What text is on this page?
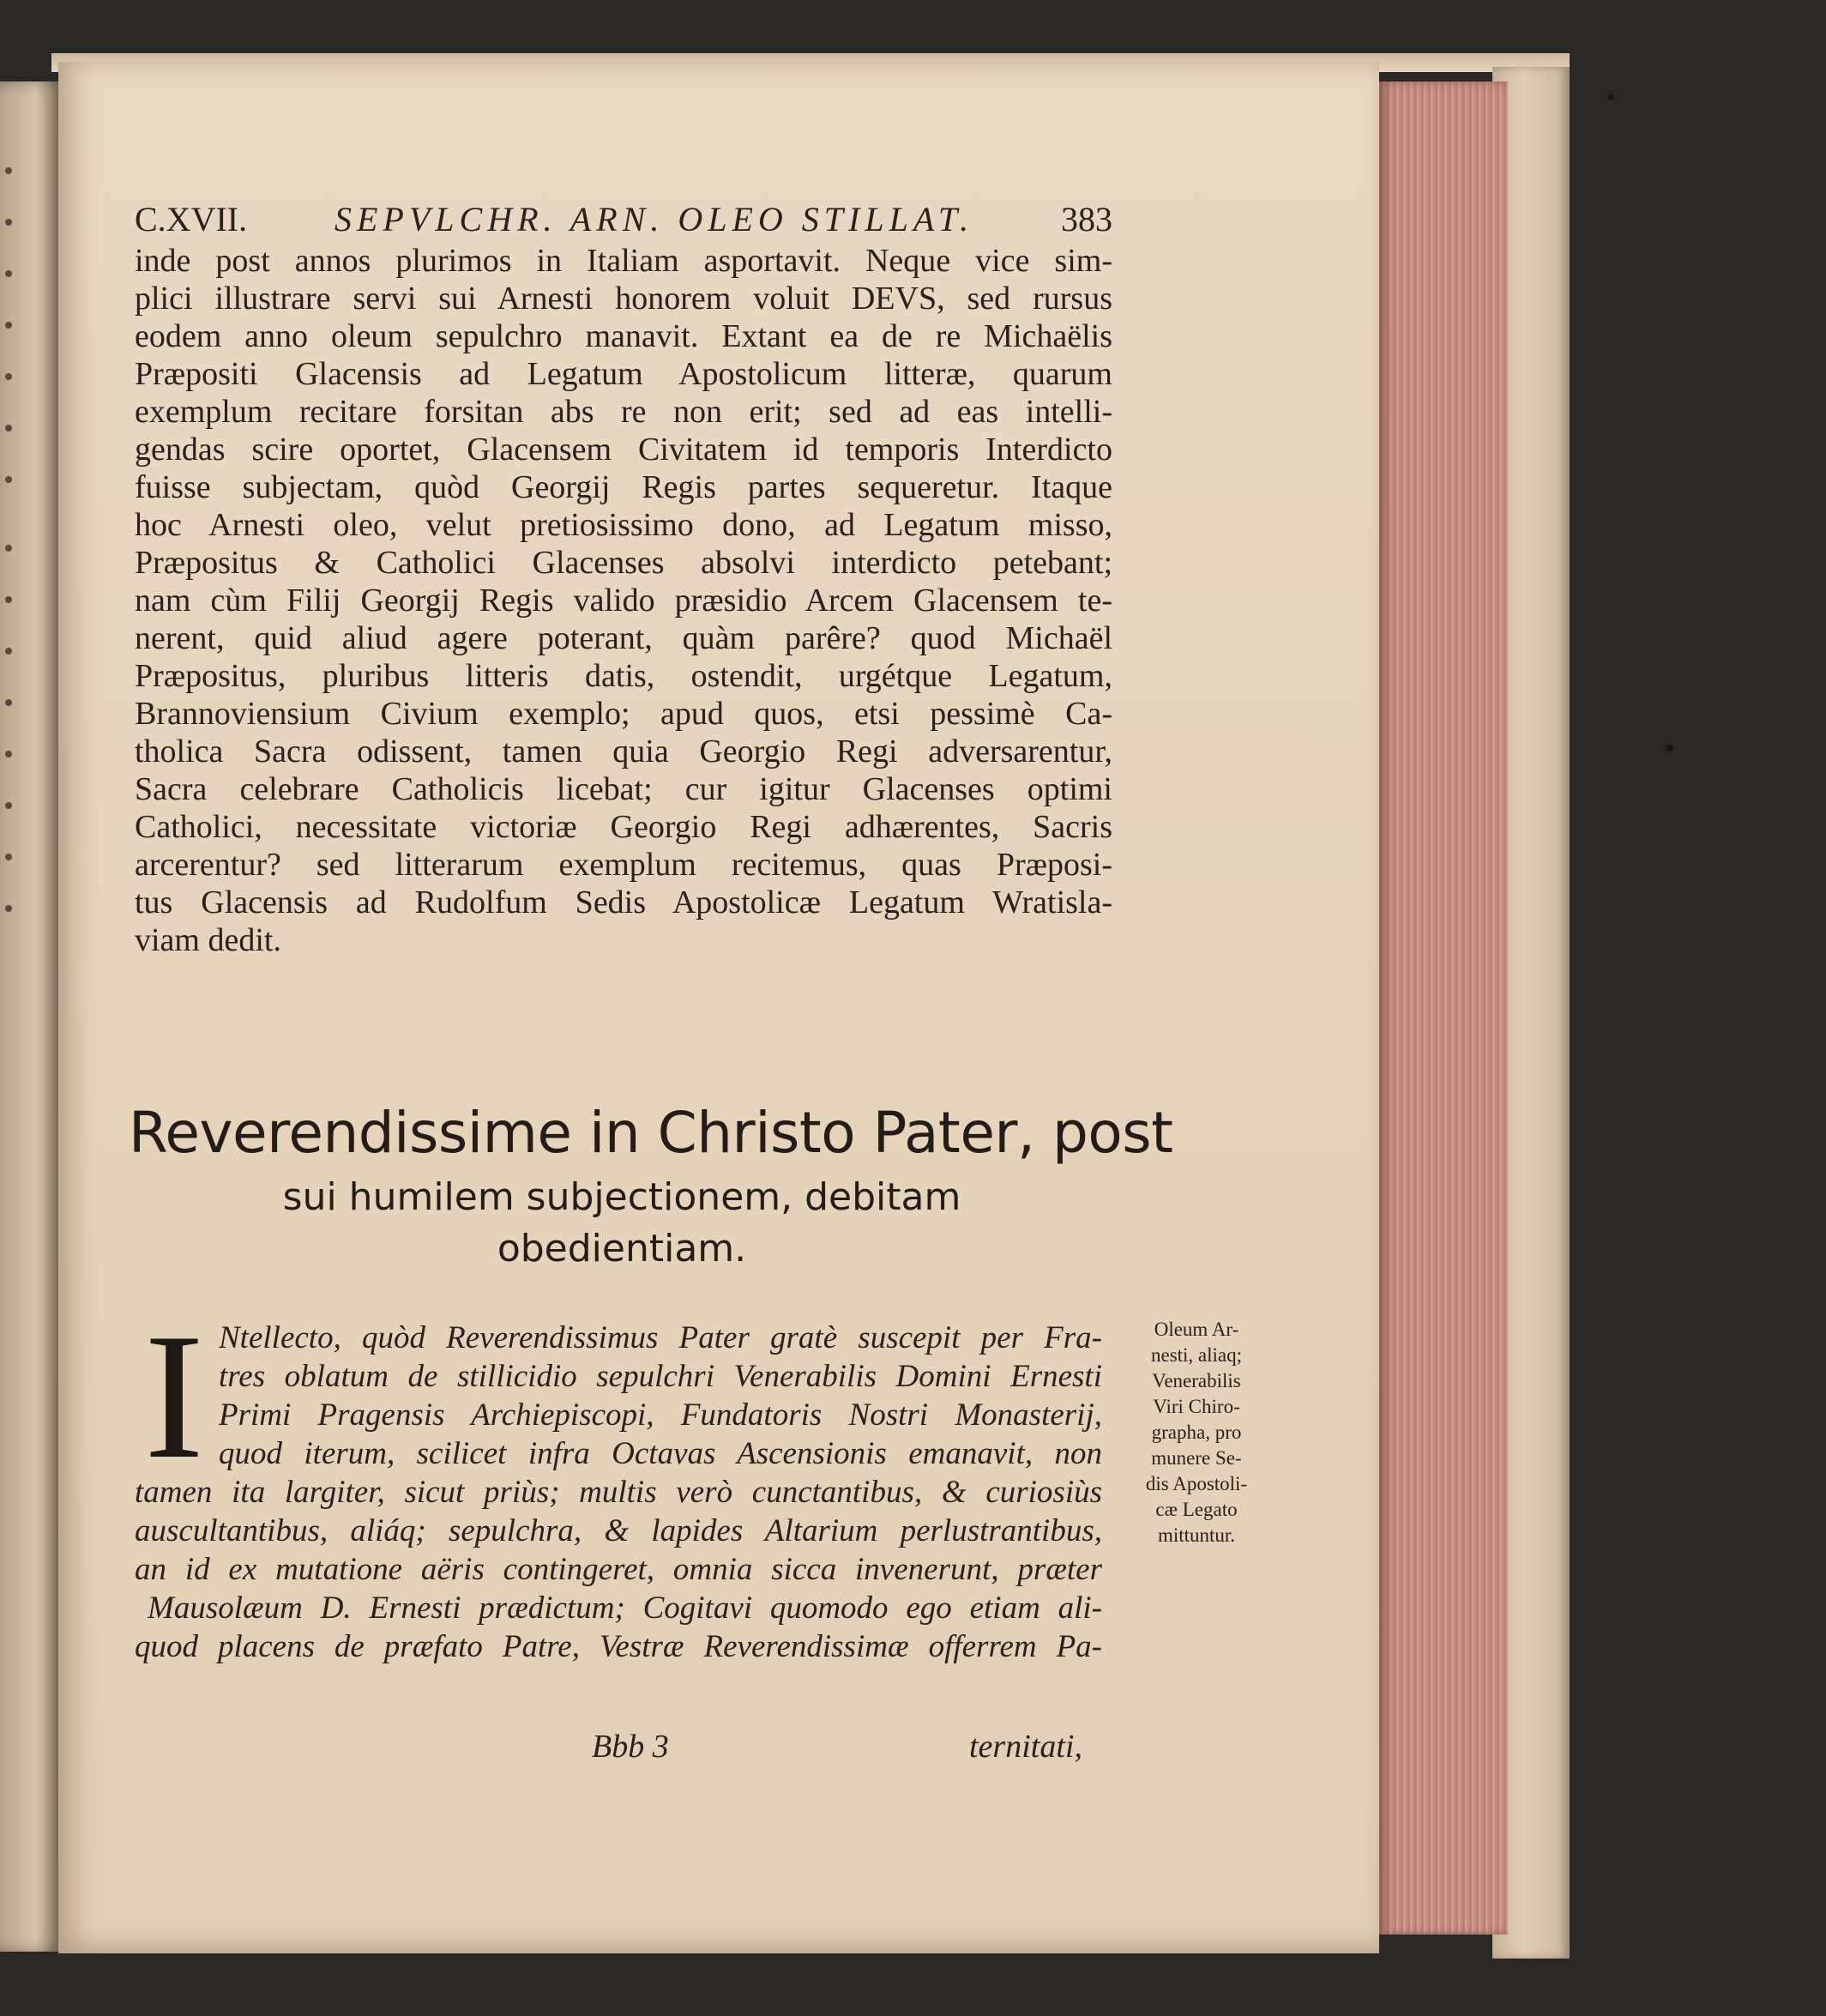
C.XVII.	SEPVLCHR. ARN. OLEO STILLAT.	383
inde post annos plurimos in Italiam asportavit. Neque vice sim-
plici illustrare servi sui Arnesti honorem voluit DEVS, sed rursus
eodem anno oleum sepulchro manavit. Extant ea de re Michaëlis
Præpositi Glacensis ad Legatum Apostolicum litteræ, quarum
exemplum recitare forsitan abs re non erit; sed ad eas intelli-
gendas scire oportet, Glacensem Civitatem id temporis Interdicto
fuisse subjectam, quòd Georgij Regis partes sequeretur. Itaque
hoc Arnesti oleo, velut pretiosissimo dono, ad Legatum misso,
Præpositus & Catholici Glacenses absolvi interdicto petebant;
nam cùm Filij Georgij Regis valido præsidio Arcem Glacensem te-
nerent, quid aliud agere poterant, quàm parêre? quod Michaël
Præpositus, pluribus litteris datis, ostendit, urgétque Legatum,
Brannoviensium Civium exemplo; apud quos, etsi pessimè Ca-
tholica Sacra odissent, tamen quia Georgio Regi adversarentur,
Sacra celebrare Catholicis licebat; cur igitur Glacenses optimi
Catholici, necessitate victoriæ Georgio Regi adhærentes, Sacris
arcerentur? sed litterarum exemplum recitemus, quas Præposi-
tus Glacensis ad Rudolfum Sedis Apostolicæ Legatum Wratisla-
viam dedit.
Reverendissime in Christo Pater, post
sui humilem subjectionem, debitam
obedientiam.
I Ntellecto, quòd Reverendissimus Pater gratè suscepit per Fra-
tres oblatum de stillicidio sepulchri Venerabilis Domini Ernesti
Primi Pragensis Archiepiscopi, Fundatoris Nostri Monasterij,
quod iterum, scilicet infra Octavas Ascensionis emanavit, non
tamen ita largiter, sicut priùs; multis verò cunctantibus, & curiosiùs
auscultantibus, aliáq; sepulchra, & lapides Altarium perlustrantibus,
an id ex mutatione aëris contingeret, omnia sicca invenerunt, præter
Mausolæum D. Ernesti prædictum; Cogitavi quomodo ego etiam ali-
quod placens de præfato Patre, Vestræ Reverendissimæ offerrem Pa-
Bbb 3	ternitati,
Oleum Ar-
nesti, aliaq;
Venerabilis
Viri Chiro-
grapha, pro
munere Se-
dis Apostoli-
cæ Legato
mittuntur.
